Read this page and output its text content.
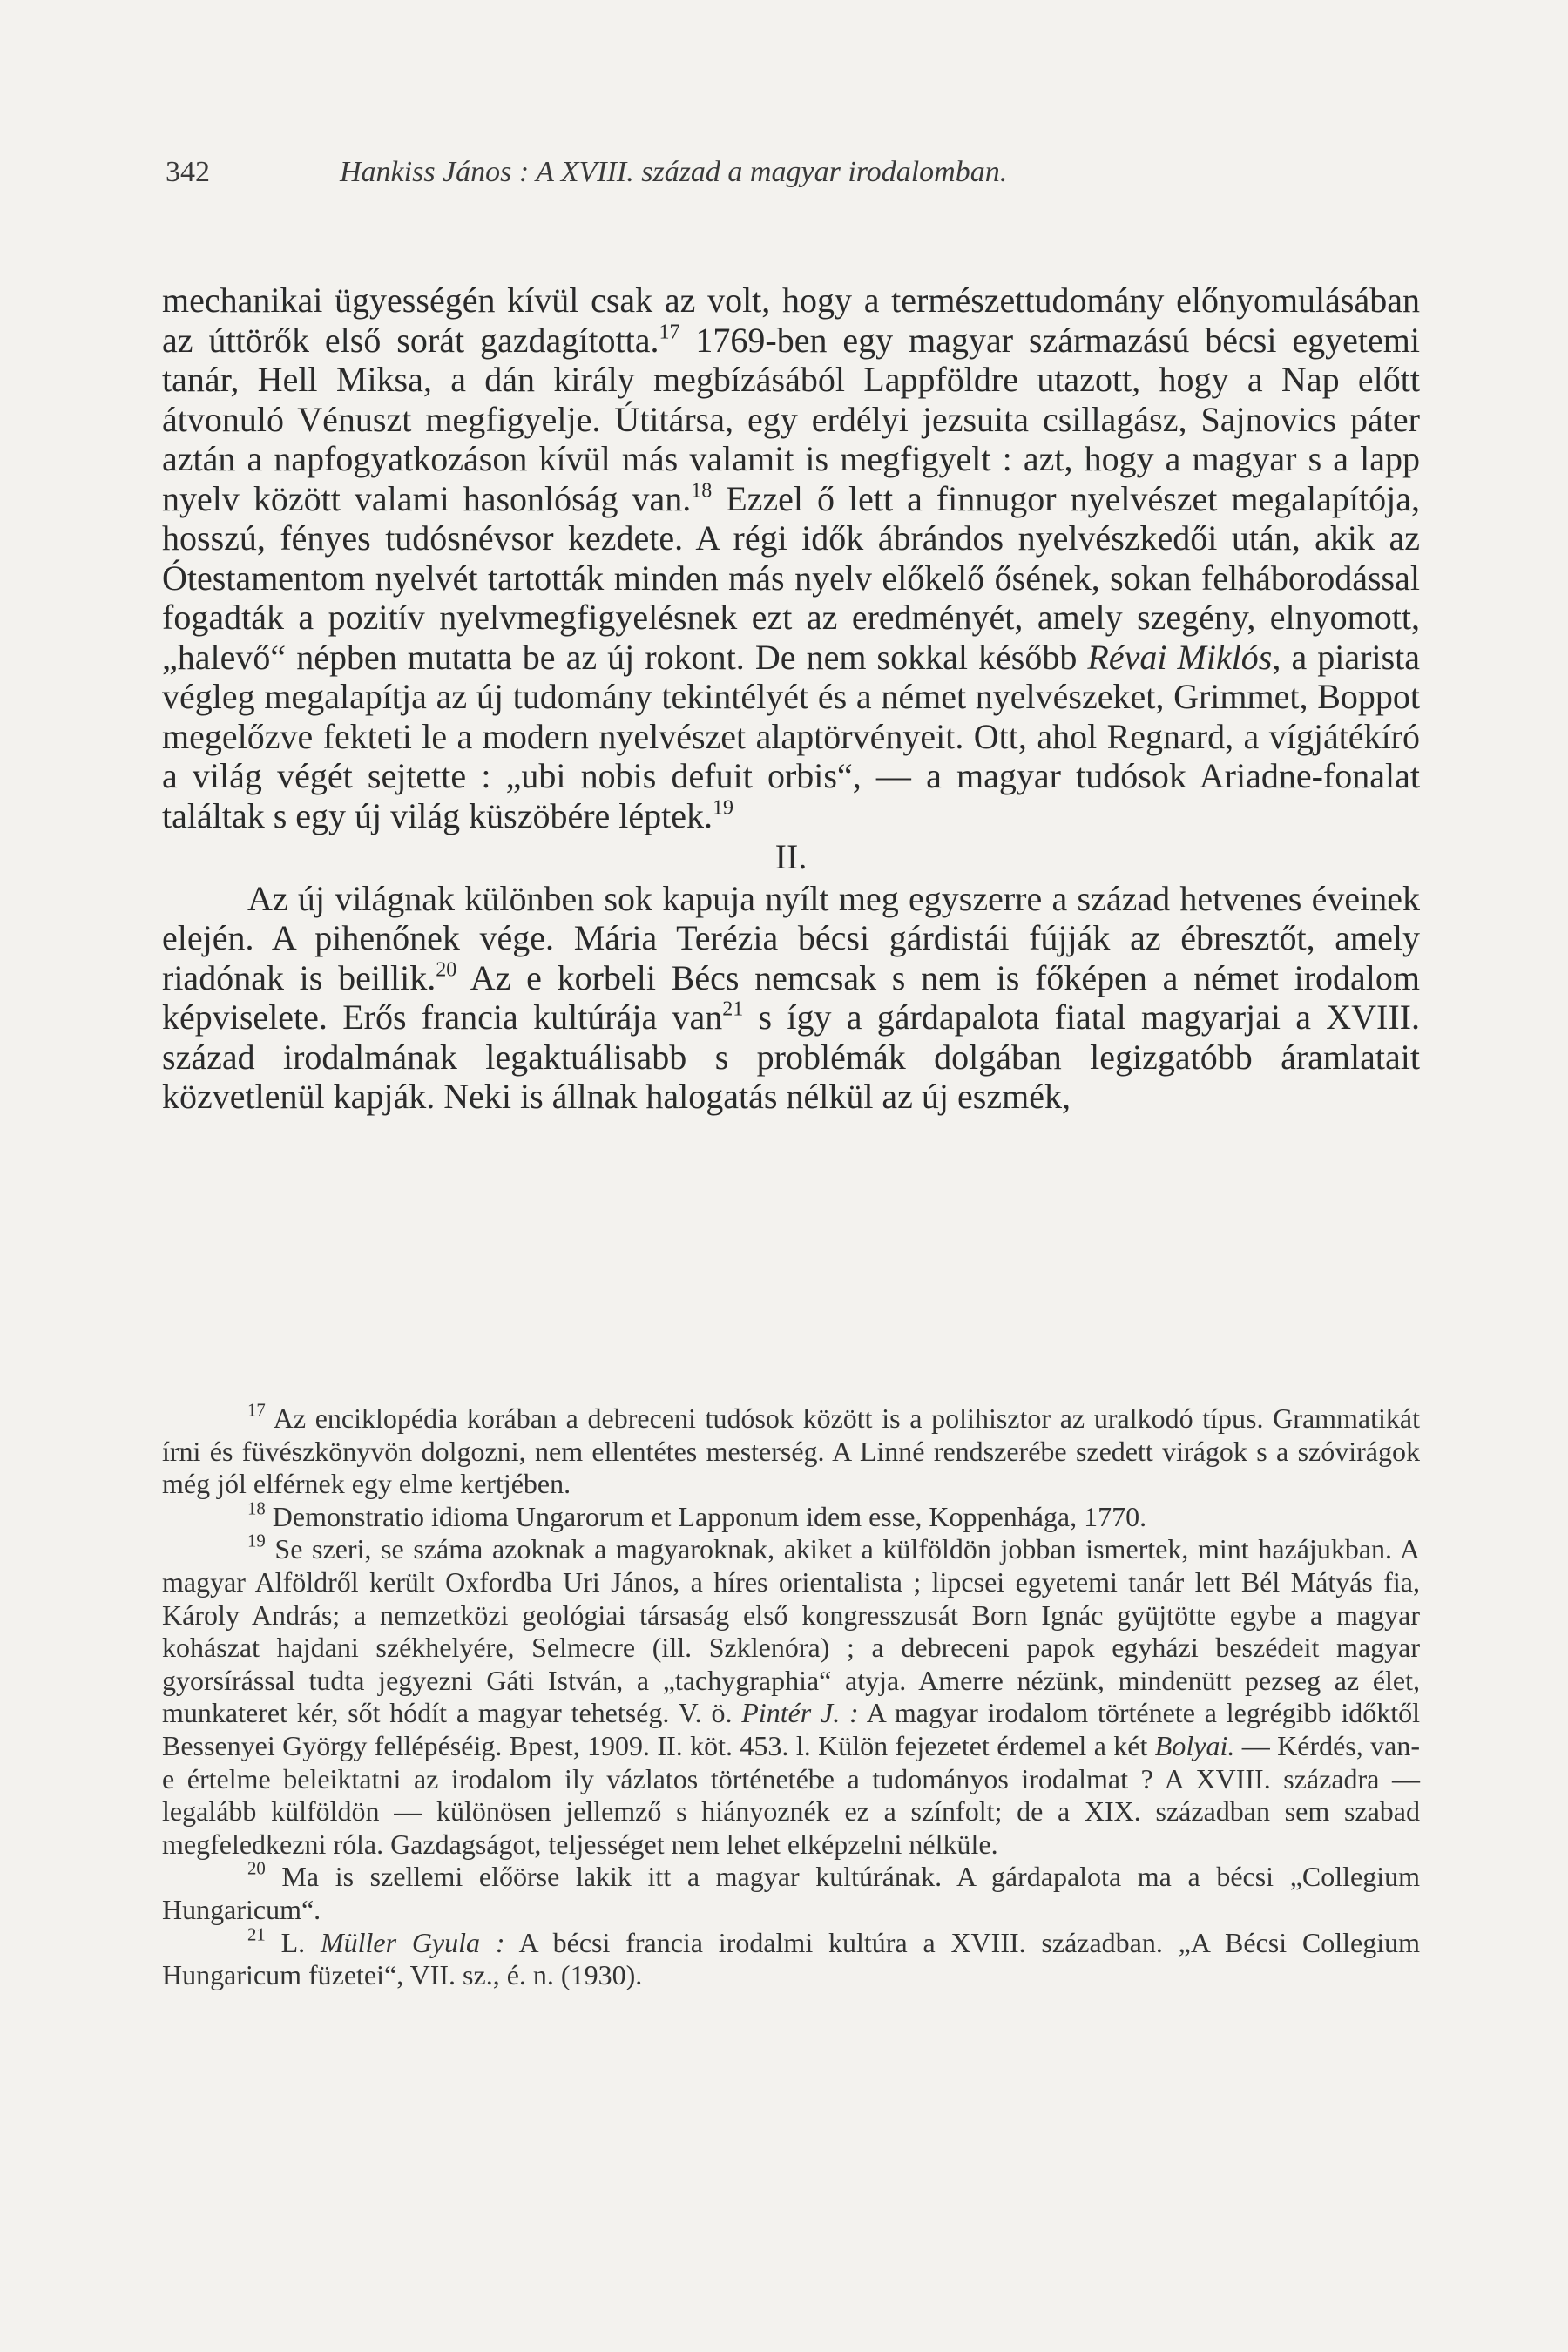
342	Hankiss János : A XVIII. század a magyar irodalomban.

mechanikai ügyességén kívül csak az volt, hogy a természettudomány előnyomulásában az úttörők első sorát gazdagította.$^{17}$ 1769-ben egy magyar származású bécsi egyetemi tanár, Hell Miksa, a dán király megbízásából Lappföldre utazott, hogy a Nap előtt átvonuló Vénuszt megfigyelje. Útitársa, egy erdélyi jezsuita csillagász, Sajnovics páter aztán a napfogyatkozáson kívül más valamit is megfigyelt : azt, hogy a magyar s a lapp nyelv között valami hasonlóság van.$^{18}$ Ezzel ő lett a finnugor nyelvészet megalapítója, hosszú, fényes tudósnévsor kezdete. A régi idők ábrándos nyelvészkedői után, akik az Ótestamentom nyelvét tartották minden más nyelv előkelő ősének, sokan felháborodással fogadták a pozitív nyelvmegfigyelésnek ezt az eredményét, amely szegény, elnyomott, „halevő“ népben mutatta be az új rokont. De nem sokkal később Révai Miklós, a piarista végleg megalapítja az új tudomány tekintélyét és a német nyelvészeket, Grimmet, Boppot megelőzve fekteti le a modern nyelvészet alaptörvényeit. Ott, ahol Regnard, a vígjátékíró a világ végét sejtette : „ubi nobis defuit orbis“, — a magyar tudósok Ariadne-fonalat találtak s egy új világ küszöbére léptek.$^{19}$

II.

Az új világnak különben sok kapuja nyílt meg egyszerre a század hetvenes éveinek elején. A pihenőnek vége. Mária Terézia bécsi gárdistái fújják az ébresztőt, amely riadónak is beillik.$^{20}$ Az e korbeli Bécs nemcsak s nem is főképen a német irodalom képviselete. Erős francia kultúrája van$^{21}$ s így a gárdapalota fiatal magyarjai a XVIII. század irodalmának legaktuálisabb s problémák dolgában legizgatóbb áramlatait közvetlenül kapják. Neki is állnak halogatás nélkül az új eszmék,

$^{17}$ Az enciklopédia korában a debreceni tudósok között is a polihisztor az uralkodó típus. Grammatikát írni és füvészkönyvön dolgozni, nem ellentétes mesterség. A Linné rendszerébe szedett virágok s a szóvirágok még jól elférnek egy elme kertjében.

$^{18}$ Demonstratio idioma Ungarorum et Lapponum idem esse, Koppenhága, 1770.

$^{19}$ Se szeri, se száma azoknak a magyaroknak, akiket a külföldön jobban ismertek, mint hazájukban. A magyar Alföldről került Oxfordba Uri János, a híres orientalista ; lipcsei egyetemi tanár lett Bél Mátyás fia, Károly András; a nemzetközi geológiai társaság első kongresszusát Born Ignác gyüjtötte egybe a magyar kohászat hajdani székhelyére, Selmecre (ill. Szklenóra) ; a debreceni papok egyházi beszédeit magyar gyorsírással tudta jegyezni Gáti István, a „tachygraphia“ atyja. Amerre nézünk, mindenütt pezseg az élet, munkateret kér, sőt hódít a magyar tehetség. V. ö. Pintér J. : A magyar irodalom története a legrégibb időktől Bessenyei György fellépéséig. Bpest, 1909. II. köt. 453. l. Külön fejezetet érdemel a két Bolyai. — Kérdés, van-e értelme beleiktatni az irodalom ily vázlatos történetébe a tudományos irodalmat ? A XVIII. századra — legalább külföldön — különösen jellemző s hiányoznék ez a színfolt; de a XIX. században sem szabad megfeledkezni róla. Gazdagságot, teljességet nem lehet elképzelni nélküle.

$^{20}$ Ma is szellemi előörse lakik itt a magyar kultúrának. A gárdapalota ma a bécsi „Collegium Hungaricum“.

$^{21}$ L. Müller Gyula : A bécsi francia irodalmi kultúra a XVIII. században. „A Bécsi Collegium Hungaricum füzetei“, VII. sz., é. n. (1930).
